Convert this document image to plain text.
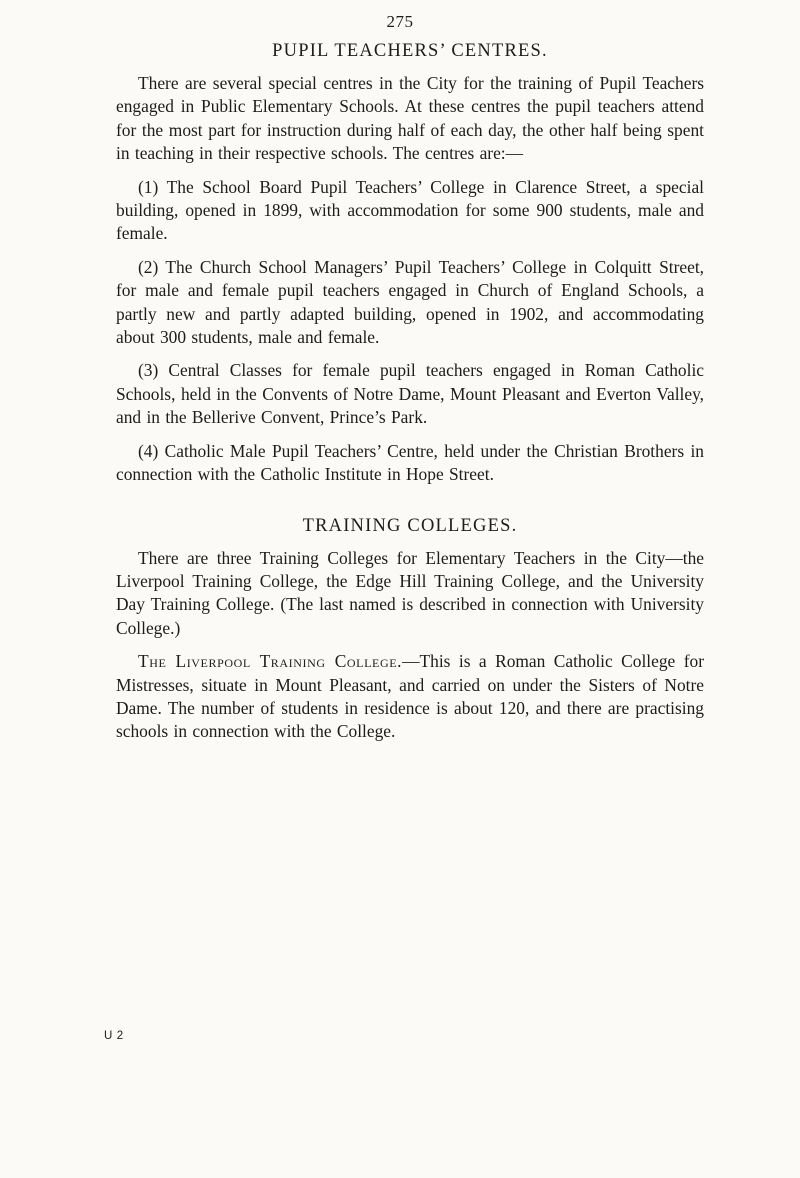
275
PUPIL TEACHERS’ CENTRES.

There are several special centres in the City for the training of Pupil Teachers engaged in Public Elementary Schools. At these centres the pupil teachers attend for the most part for instruction during half of each day, the other half being spent in teaching in their respective schools. The centres are:—

(1) The School Board Pupil Teachers’ College in Clarence Street, a special building, opened in 1899, with accommodation for some 900 students, male and female.

(2) The Church School Managers’ Pupil Teachers’ College in Colquitt Street, for male and female pupil teachers engaged in Church of England Schools, a partly new and partly adapted building, opened in 1902, and accommodating about 300 students, male and female.

(3) Central Classes for female pupil teachers engaged in Roman Catholic Schools, held in the Convents of Notre Dame, Mount Pleasant and Everton Valley, and in the Bellerive Convent, Prince’s Park.

(4) Catholic Male Pupil Teachers’ Centre, held under the Christian Brothers in connection with the Catholic Institute in Hope Street.

TRAINING COLLEGES.

There are three Training Colleges for Elementary Teachers in the City—the Liverpool Training College, the Edge Hill Training College, and the University Day Training College. (The last named is described in connection with University College.)

The Liverpool Training College.—This is a Roman Catholic College for Mistresses, situate in Mount Pleasant, and carried on under the Sisters of Notre Dame. The number of students in residence is about 120, and there are practising schools in connection with the College.

U 2
